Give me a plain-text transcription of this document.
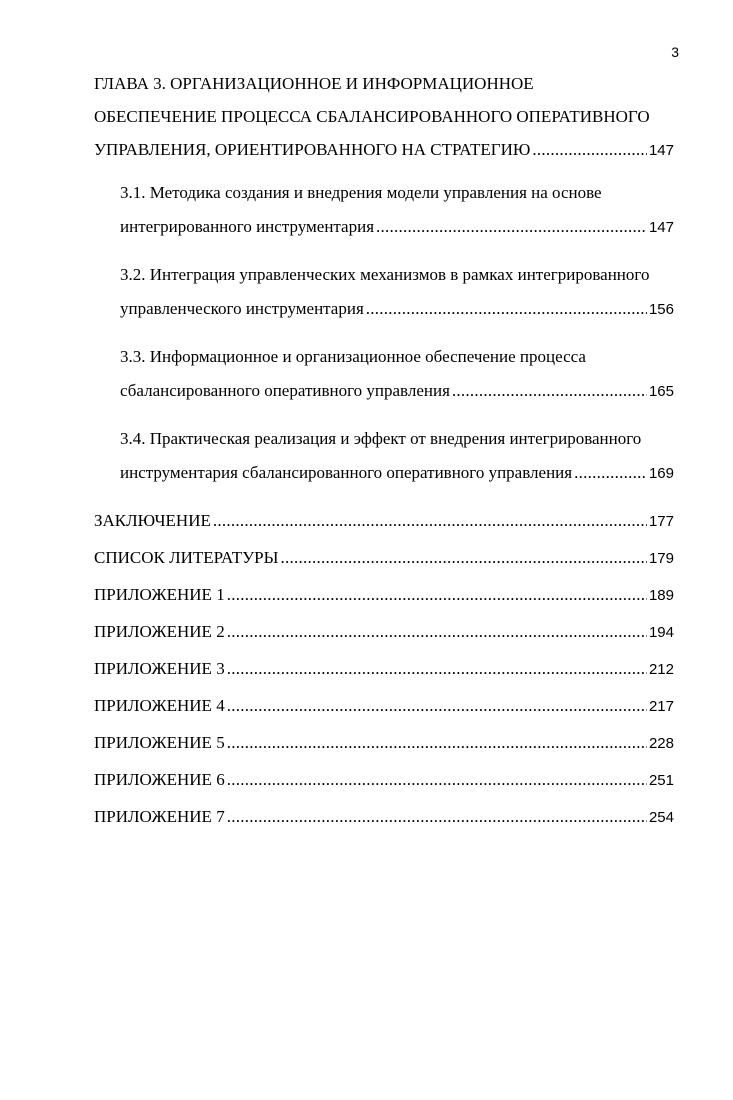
3
ГЛАВА 3. ОРГАНИЗАЦИОННОЕ И ИНФОРМАЦИОННОЕ
ОБЕСПЕЧЕНИЕ ПРОЦЕССА СБАЛАНСИРОВАННОГО ОПЕРАТИВНОГО
УПРАВЛЕНИЯ, ОРИЕНТИРОВАННОГО НА СТРАТЕГИЮ . . .	147
3.1. Методика создания и внедрения модели управления на основе
интегрированного инструментария . . .	147
3.2. Интеграция управленческих механизмов в рамках интегрированного
управленческого инструментария . . .	156
3.3. Информационное и организационное обеспечение процесса
сбалансированного оперативного управления . . .	165
3.4. Практическая реализация и эффект от внедрения интегрированного
инструментария сбалансированного оперативного управления . . .	169
ЗАКЛЮЧЕНИЕ . . .	177
СПИСОК ЛИТЕРАТУРЫ . . .	179
ПРИЛОЖЕНИЕ 1 . . .	189
ПРИЛОЖЕНИЕ 2 . . .	194
ПРИЛОЖЕНИЕ 3 . . .	212
ПРИЛОЖЕНИЕ 4 . . .	217
ПРИЛОЖЕНИЕ 5 . . .	228
ПРИЛОЖЕНИЕ 6 . . .	251
ПРИЛОЖЕНИЕ 7 . . .	254
